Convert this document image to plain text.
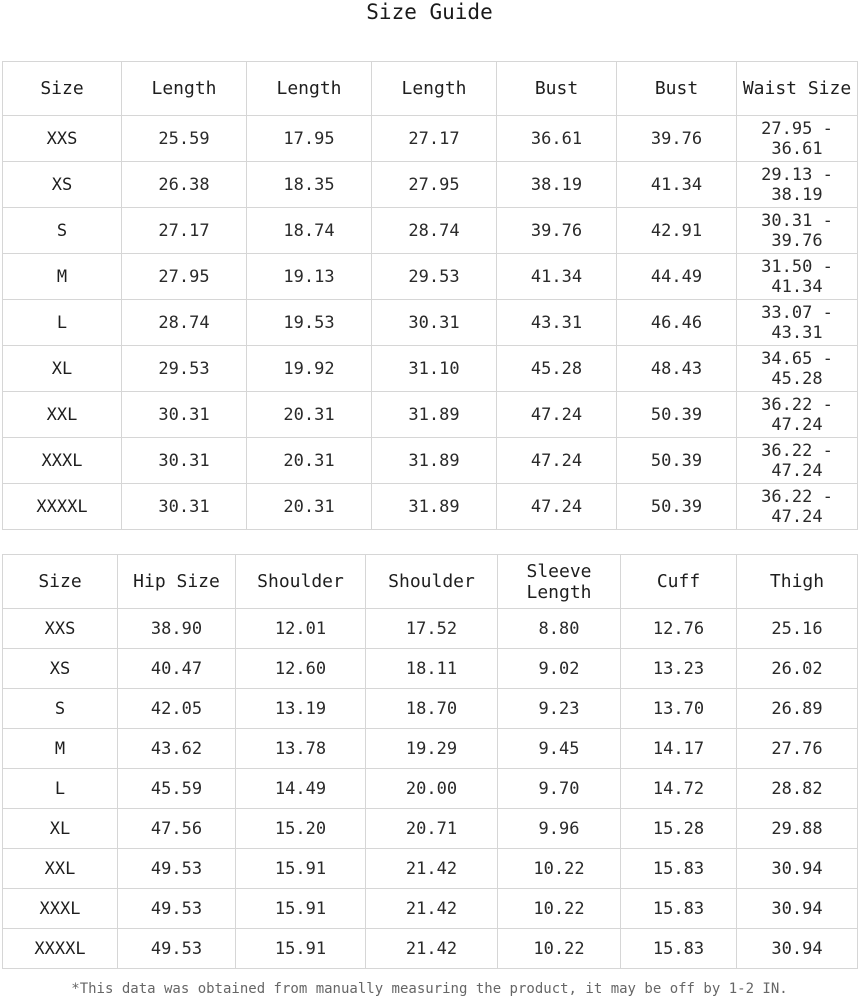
Size Guide
Size	Length	Length	Length	Bust	Bust	Waist Size
XXS	25.59	17.95	27.17	36.61	39.76	27.95 -
36.61
XS	26.38	18.35	27.95	38.19	41.34	29.13 -
38.19
S	27.17	18.74	28.74	39.76	42.91	30.31 -
39.76
M	27.95	19.13	29.53	41.34	44.49	31.50 -
41.34
L	28.74	19.53	30.31	43.31	46.46	33.07 -
43.31
XL	29.53	19.92	31.10	45.28	48.43	34.65 -
45.28
XXL	30.31	20.31	31.89	47.24	50.39	36.22 -
47.24
XXXL	30.31	20.31	31.89	47.24	50.39	36.22 -
47.24
XXXXL	30.31	20.31	31.89	47.24	50.39	36.22 -
47.24
Size	Hip Size	Shoulder	Shoulder	Sleeve
Length	Cuff	Thigh
XXS	38.90	12.01	17.52	8.80	12.76	25.16
XS	40.47	12.60	18.11	9.02	13.23	26.02
S	42.05	13.19	18.70	9.23	13.70	26.89
M	43.62	13.78	19.29	9.45	14.17	27.76
L	45.59	14.49	20.00	9.70	14.72	28.82
XL	47.56	15.20	20.71	9.96	15.28	29.88
XXL	49.53	15.91	21.42	10.22	15.83	30.94
XXXL	49.53	15.91	21.42	10.22	15.83	30.94
XXXXL	49.53	15.91	21.42	10.22	15.83	30.94
*This data was obtained from manually measuring the product, it may be off by 1-2 IN.
